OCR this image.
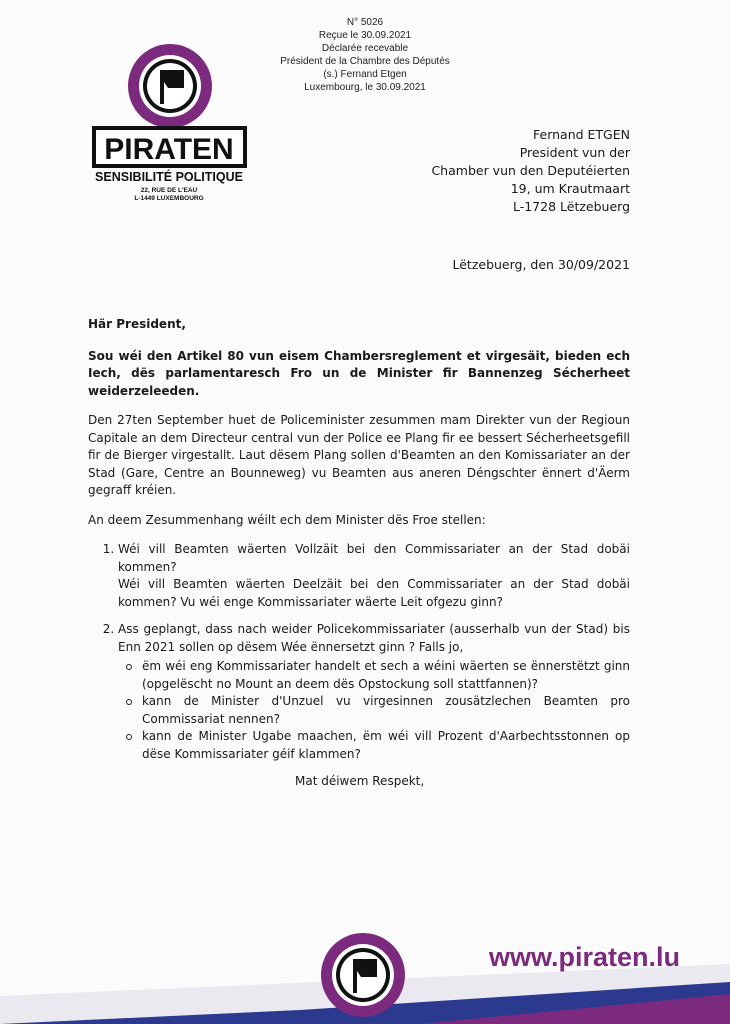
N° 5026
Reçue le 30.09.2021
Déclarée recevable
Président de la Chambre des Députés
(s.) Fernand Etgen
Luxembourg, le 30.09.2021
PIRATEN
SENSIBILITÉ POLITIQUE
22, RUE DE L'EAU
L-1449 LUXEMBOURG
Fernand ETGEN
President vun der
Chamber vun den Deputéierten
19, um Krautmaart
L-1728 Lëtzebuerg
Lëtzebuerg, den 30/09/2021

Här President,

Sou wéi den Artikel 80 vun eisem Chambersreglement et virgesäit, bieden ech Iech, dës parlamentaresch Fro un de Minister fir Bannenzeg Sécherheet weiderzeleeden.

Den 27ten September huet de Policeminister zesummen mam Direkter vun der Regioun Capitale an dem Directeur central vun der Police ee Plang fir ee bessert Sécherheetsgefill fir de Bierger virgestallt. Laut dësem Plang sollen d'Beamten an den Komissariater an der Stad (Gare, Centre an Bounneweg) vu Beamten aus aneren Déngschter ënnert d'Äerm gegraff kréien.

An deem Zesummenhang wéilt ech dem Minister dës Froe stellen:

1. Wéi vill Beamten wäerten Vollzäit bei den Commissariater an der Stad dobäi kommen?
Wéi vill Beamten wäerten Deelzäit bei den Commissariater an der Stad dobäi kommen? Vu wéi enge Kommissariater wäerte Leit ofgezu ginn?
2. Ass geplangt, dass nach weider Policekommissariater (ausserhalb vun der Stad) bis Enn 2021 sollen op dësem Wée ënnersetzt ginn ? Falls jo,
ëm wéi eng Kommissariater handelt et sech a wéini wäerten se ënnerstëtzt ginn (opgelëscht no Mount an deem dës Opstockung soll stattfannen)?
kann de Minister d'Unzuel vu virgesinnen zousätzlechen Beamten pro Commissariat nennen?
kann de Minister Ugabe maachen, ëm wéi vill Prozent d'Aarbechtsstonnen op dëse Kommissariater géif klammen?

Mat déiwem Respekt,

www.piraten.lu
